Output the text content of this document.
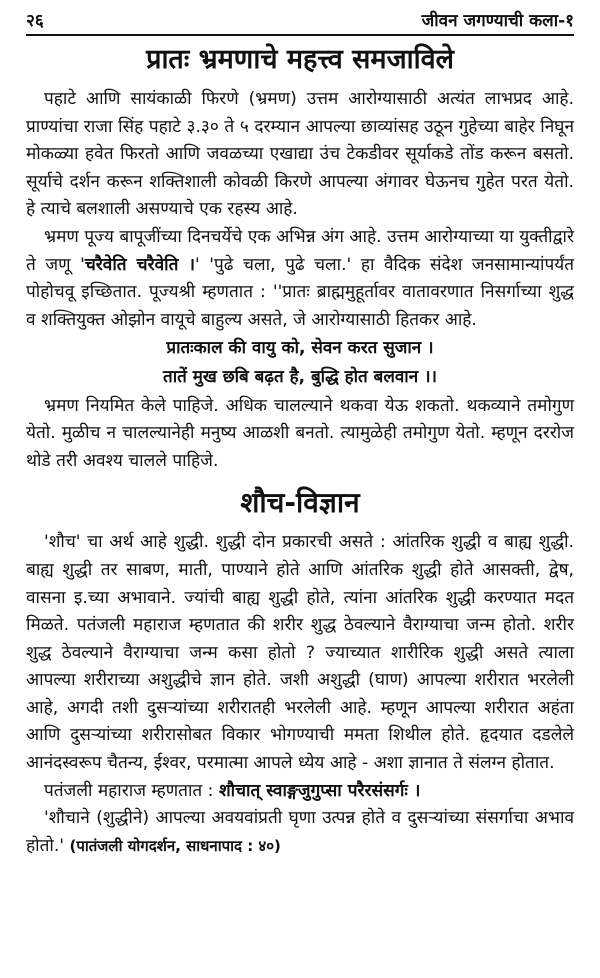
२६	जीवन जगण्याची कला-१
प्रातः भ्रमणाचे महत्त्व समजाविले

पहाटे आणि सायंकाळी फिरणे (भ्रमण) उत्तम आरोग्यासाठी अत्यंत लाभप्रद आहे. प्राण्यांचा राजा सिंह पहाटे ३.३० ते ५ दरम्यान आपल्या छाव्यांसह उठून गुहेच्या बाहेर निघून मोकळ्या हवेत फिरतो आणि जवळच्या एखाद्या उंच टेकडीवर सूर्याकडे तोंड करून बसतो. सूर्याचे दर्शन करून शक्तिशाली कोवळी किरणे आपल्या अंगावर घेऊनच गुहेत परत येतो. हे त्याचे बलशाली असण्याचे एक रहस्य आहे.

भ्रमण पूज्य बापूजींच्या दिनचर्येचे एक अभिन्न अंग आहे. उत्तम आरोग्याच्या या युक्तीद्वारे ते जणू 'चरैवेति चरैवेति ।' 'पुढे चला, पुढे चला.' हा वैदिक संदेश जनसामान्यांपर्यंत पोहोचवू इच्छितात. पूज्यश्री म्हणतात : ''प्रातः ब्राह्ममुहूर्तावर वातावरणात निसर्गाच्या शुद्ध व शक्तियुक्त ओझोन वायूचे बाहुल्य असते, जे आरोग्यासाठी हितकर आहे.

प्रातःकाल की वायु को, सेवन करत सुजान ।
तातें मुख छबि बढ़त है, बुद्धि होत बलवान ।।

भ्रमण नियमित केले पाहिजे. अधिक चालल्याने थकवा येऊ शकतो. थकव्याने तमोगुण येतो. मुळीच न चालल्यानेही मनुष्य आळशी बनतो. त्यामुळेही तमोगुण येतो. म्हणून दररोज थोडे तरी अवश्य चालले पाहिजे.

शौच-विज्ञान

'शौच' चा अर्थ आहे शुद्धी. शुद्धी दोन प्रकारची असते : आंतरिक शुद्धी व बाह्य शुद्धी. बाह्य शुद्धी तर साबण, माती, पाण्याने होते आणि आंतरिक शुद्धी होते आसक्ती, द्वेष, वासना इ.च्या अभावाने. ज्यांची बाह्य शुद्धी होते, त्यांना आंतरिक शुद्धी करण्यात मदत मिळते. पतंजली महाराज म्हणतात की शरीर शुद्ध ठेवल्याने वैराग्याचा जन्म होतो. शरीर शुद्ध ठेवल्याने वैराग्याचा जन्म कसा होतो ? ज्याच्यात शारीरिक शुद्धी असते त्याला आपल्या शरीराच्या अशुद्धीचे ज्ञान होते. जशी अशुद्धी (घाण) आपल्या शरीरात भरलेली आहे, अगदी तशी दुसऱ्यांच्या शरीरातही भरलेली आहे. म्हणून आपल्या शरीरात अहंता आणि दुसऱ्यांच्या शरीरासोबत विकार भोगण्याची ममता शिथील होते. हृदयात दडलेले आनंदस्वरूप चैतन्य, ईश्वर, परमात्मा आपले ध्येय आहे - अशा ज्ञानात ते संलग्न होतात.

पतंजली महाराज म्हणतात : शौचात् स्वाङ्गजुगुप्सा परैरसंसर्गः ।

'शौचाने (शुद्धीने) आपल्या अवयवांप्रती घृणा उत्पन्न होते व दुसऱ्यांच्या संसर्गाचा अभाव होतो.' (पातंजली योगदर्शन, साधनापाद : ४०)
